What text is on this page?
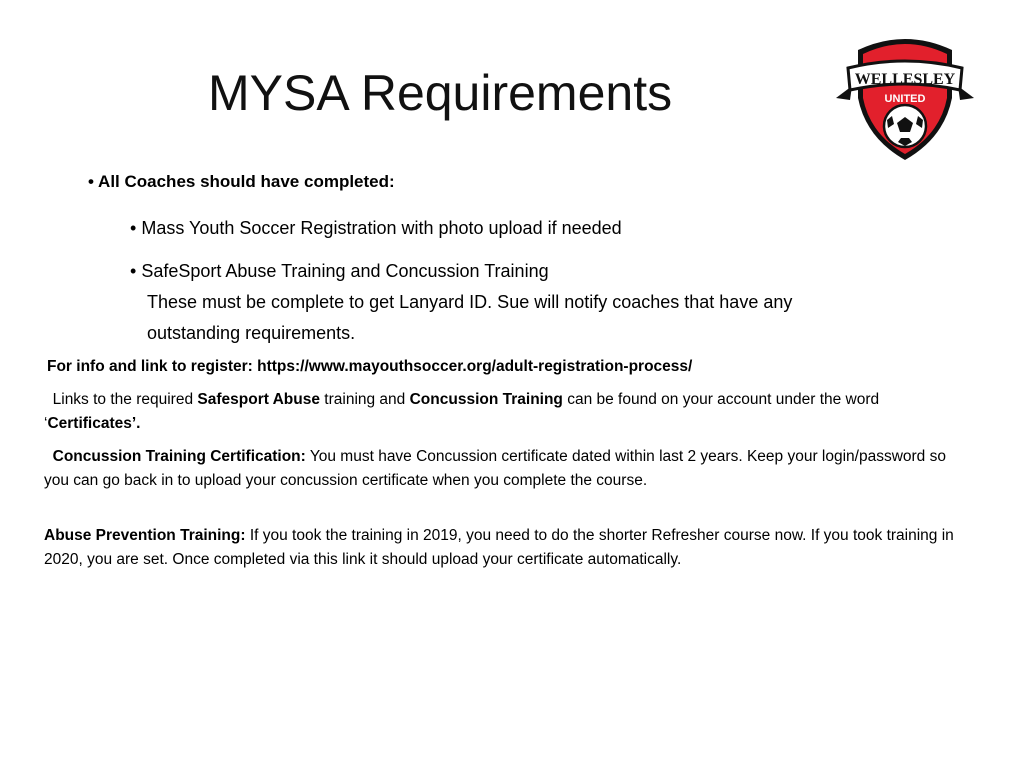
MYSA Requirements	WELLESLEY
UNITED
• All Coaches should have completed:
• Mass Youth Soccer Registration with photo upload if needed
• SafeSport Abuse Training and Concussion Training
These must be complete to get Lanyard ID. Sue will notify coaches that have any
outstanding requirements.
For info and link to register: https://www.mayouthsoccer.org/adult-registration-process/
Links to the required Safesport Abuse training and Concussion Training can be found on your account under the word ‘Certificates’.
Concussion Training Certification: You must have Concussion certificate dated within last 2 years. Keep your login/password so you can go back in to upload your concussion certificate when you complete the course.
Abuse Prevention Training: If you took the training in 2019, you need to do the shorter Refresher course now. If you took training in 2020, you are set. Once completed via this link it should upload your certificate automatically.
